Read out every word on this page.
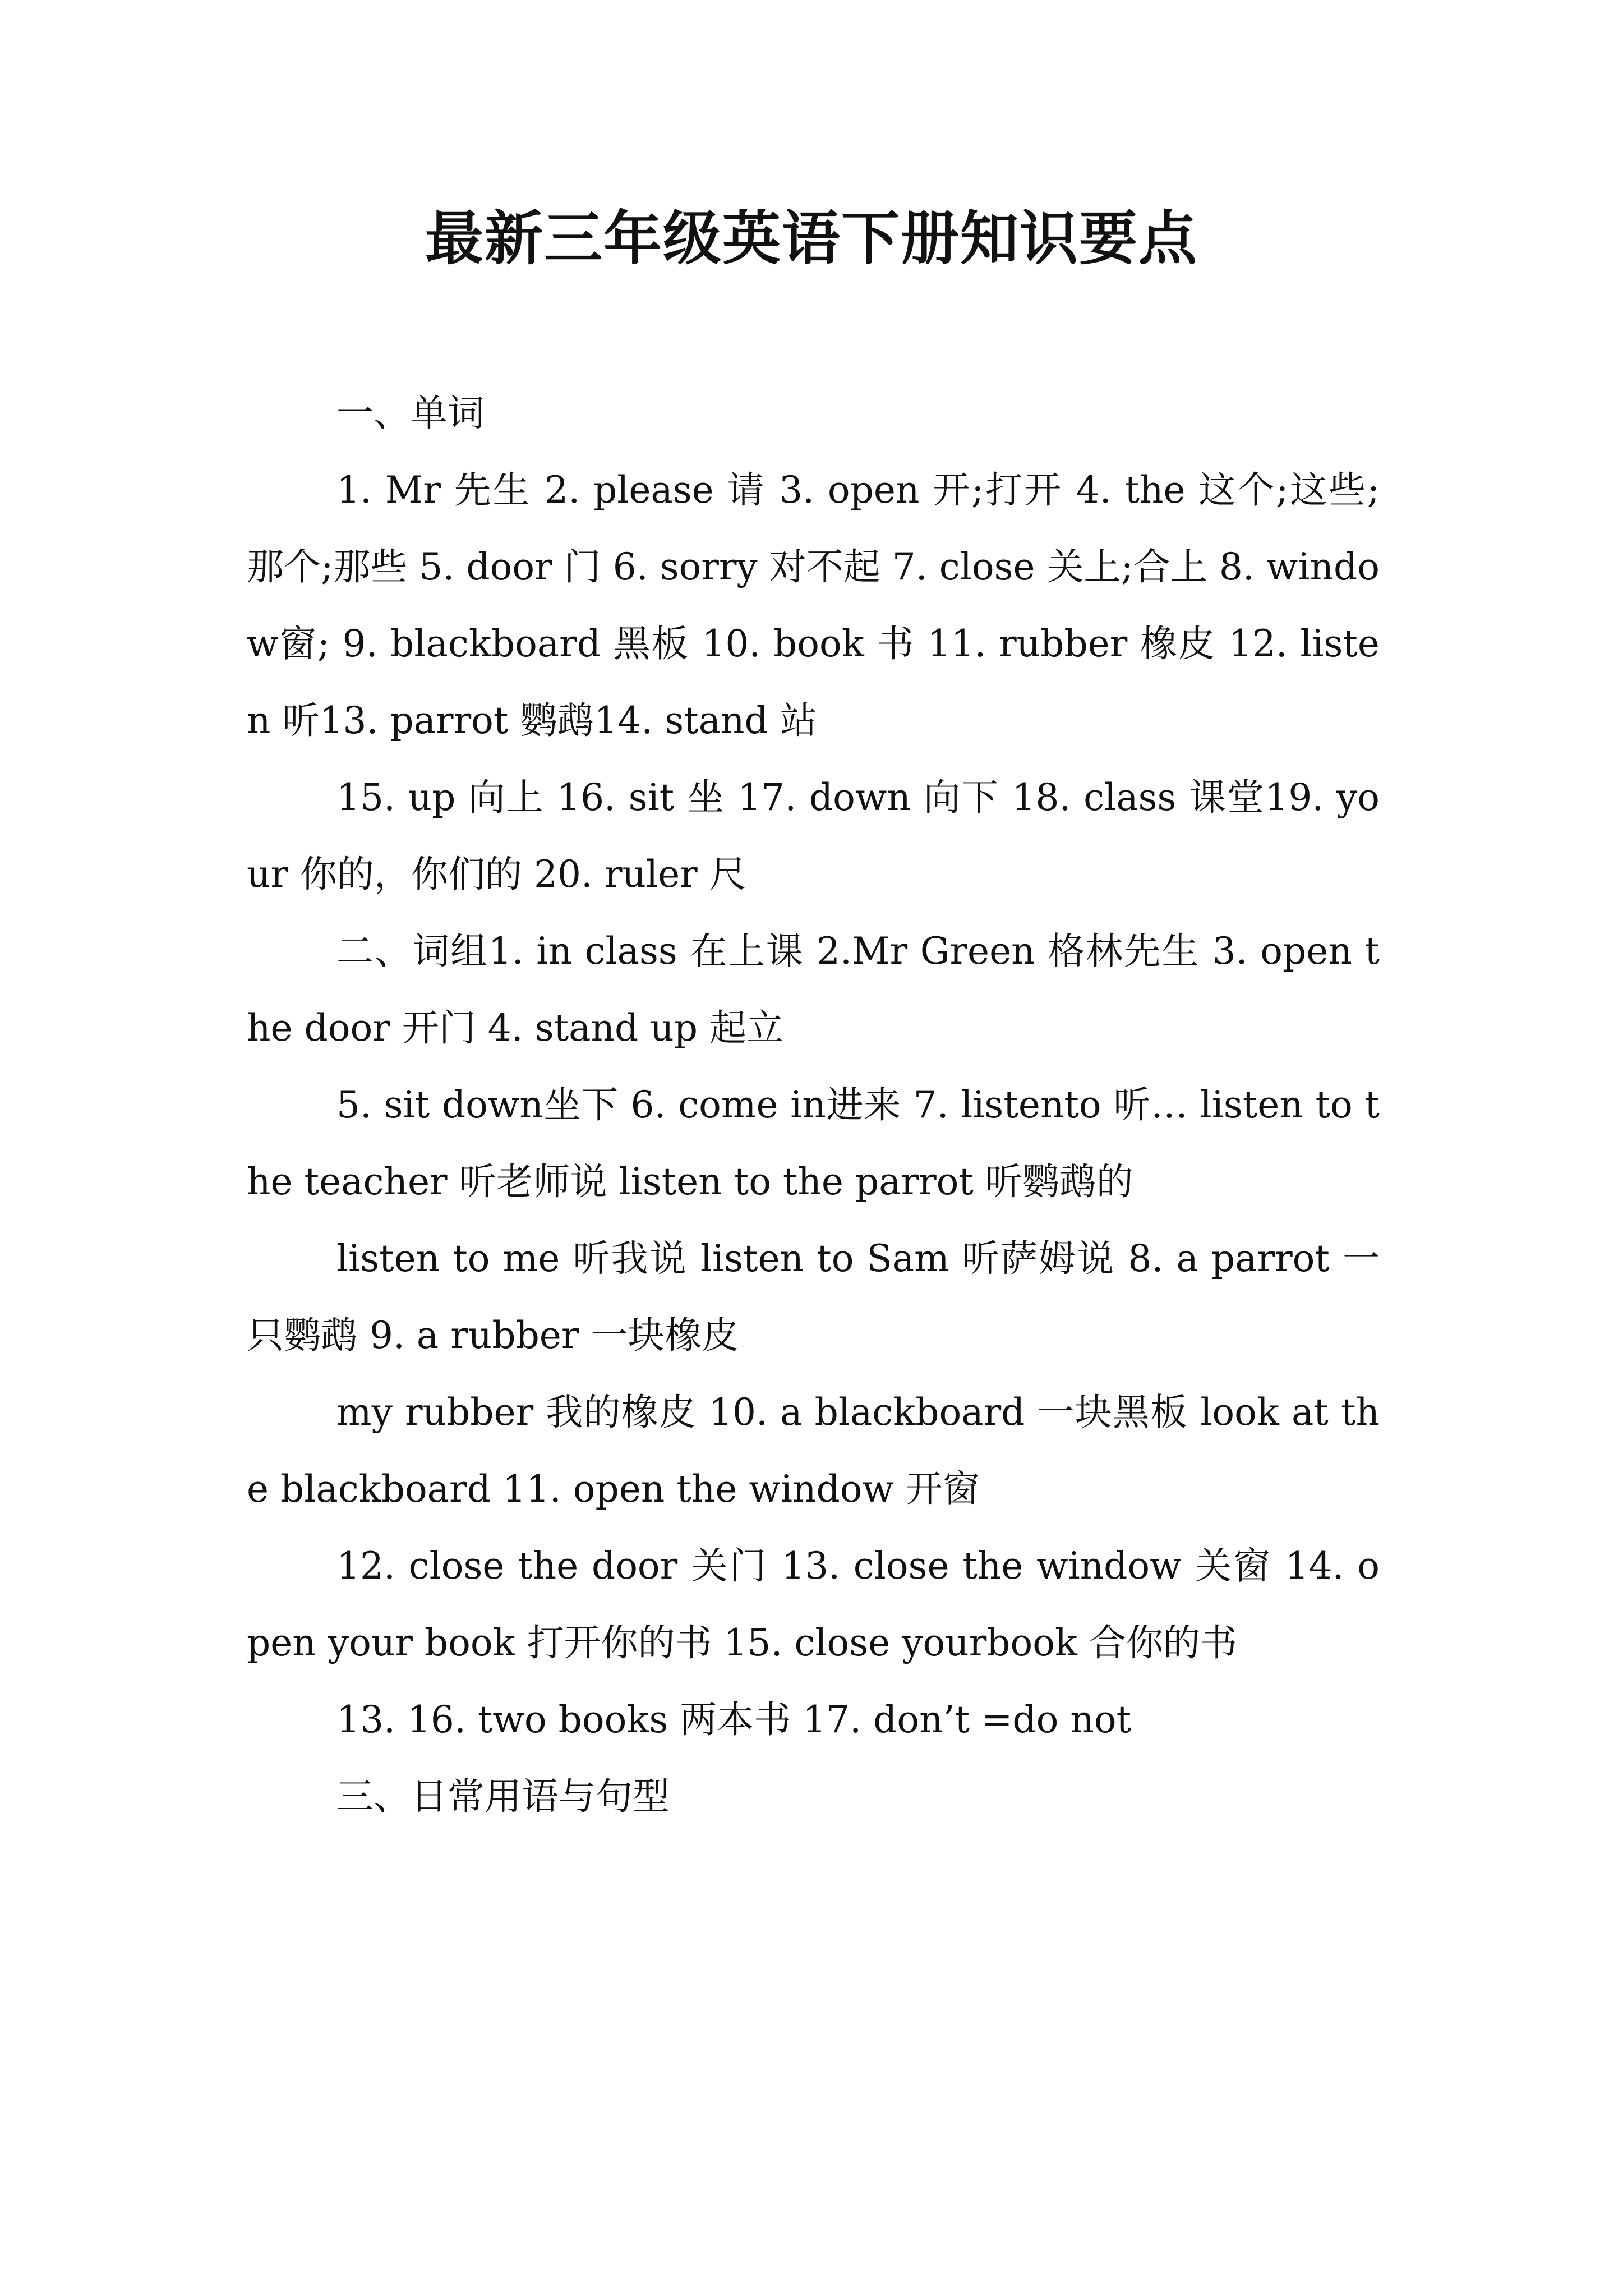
最新三年级英语下册知识要点

一、单词

1. Mr 先生 2. please 请 3. open 开;打开 4. the 这个;这些;那个;那些 5. door 门 6. sorry 对不起 7. close 关上;合上 8. window窗; 9. blackboard 黑板 10. book 书 11. rubber 橡皮 12. listen 听13. parrot 鹦鹉14. stand 站

15. up 向上 16. sit 坐 17. down 向下 18. class 课堂19. your 你的，你们的 20. ruler 尺

二、词组1. in class 在上课 2.Mr Green 格林先生 3. open the door 开门 4. stand up 起立

5. sit down坐下 6. come in进来 7. listento 听… listen to the teacher 听老师说 listen to the parrot 听鹦鹉的

listen to me 听我说 listen to Sam 听萨姆说 8. a parrot 一只鹦鹉 9. a rubber 一块橡皮

my rubber 我的橡皮 10. a blackboard 一块黑板 look at the blackboard 11. open the window 开窗

12. close the door 关门 13. close the window 关窗 14. open your book 打开你的书 15. close yourbook 合你的书

13. 16. two books 两本书 17. don’t =do not

三、日常用语与句型
